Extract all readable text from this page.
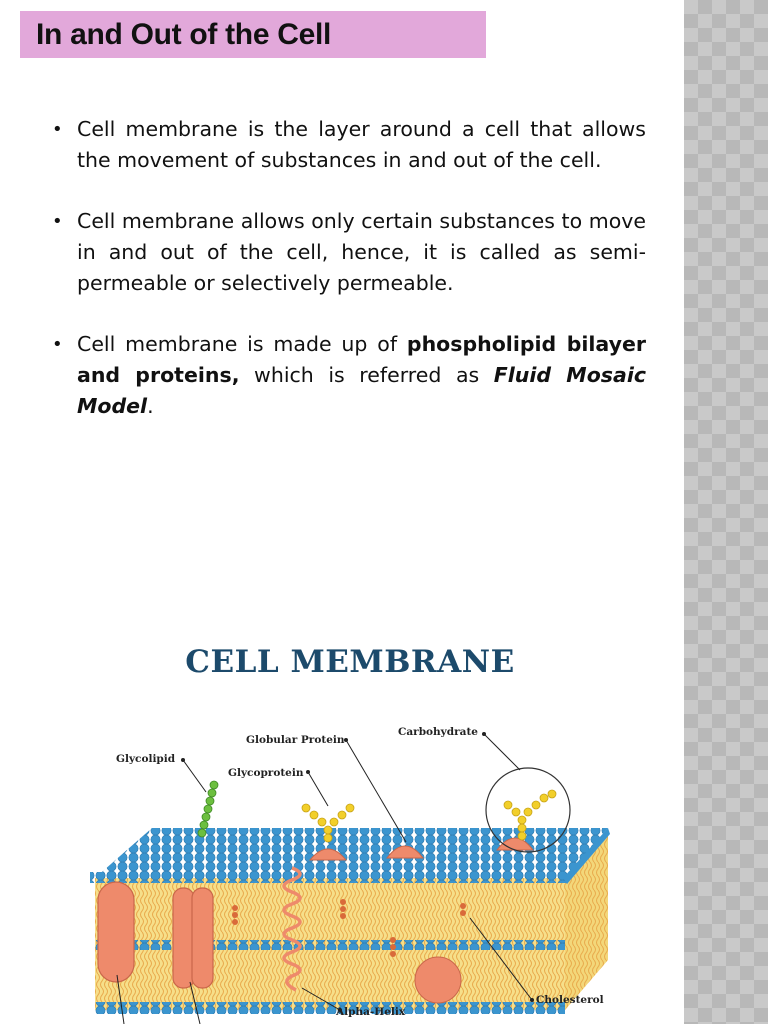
In and Out of the Cell
• Cell membrane is the layer around a cell that allows the movement of substances in and out of the cell.
• Cell membrane allows only certain substances to move in and out of the cell, hence, it is called as semi-permeable or selectively permeable.
• Cell membrane is made up of phospholipid bilayer and proteins, which is referred as Fluid Mosaic Model.
CELL MEMBRANE
Globular Protein
Carbohydrate
Glycolipid
Glycoprotein
Cholesterol
Alpha-Helix
